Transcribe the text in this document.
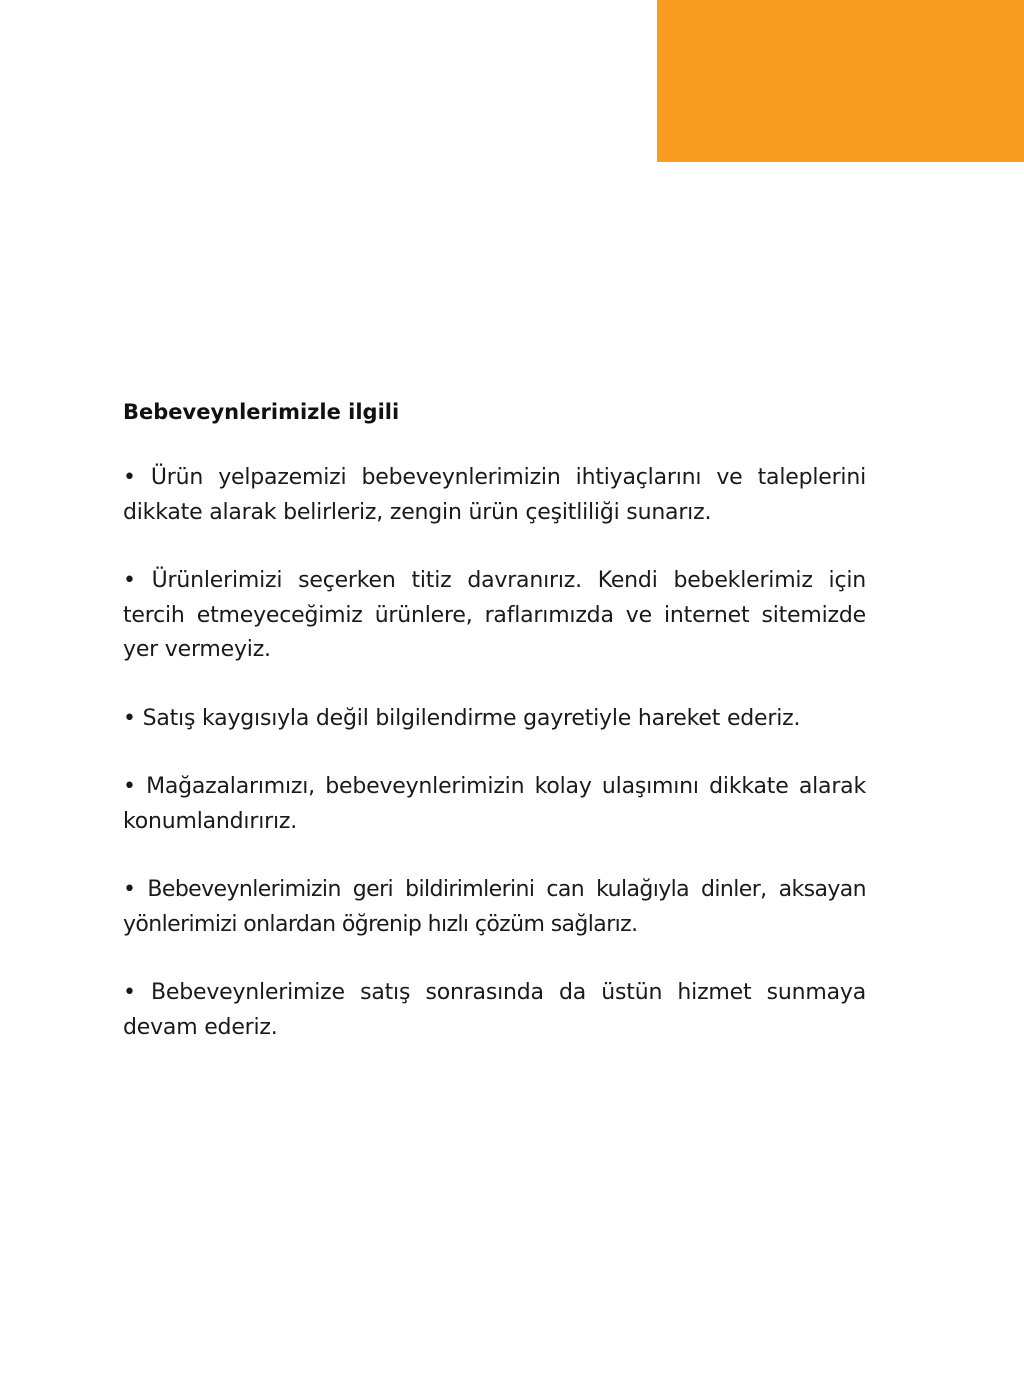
Bebeveynlerimizle ilgili

• Ürün yelpazemizi bebeveynlerimizin ihtiyaçlarını ve taleplerini dikkate alarak belirleriz, zengin ürün çeşitliliği sunarız.

• Ürünlerimizi seçerken titiz davranırız. Kendi bebeklerimiz için tercih etmeyeceğimiz ürünlere, raflarımızda ve internet sitemizde yer vermeyiz.

• Satış kaygısıyla değil bilgilendirme gayretiyle hareket ederiz.

• Mağazalarımızı, bebeveynlerimizin kolay ulaşımını dikkate alarak konumlandırırız.

• Bebeveynlerimizin geri bildirimlerini can kulağıyla dinler, aksayan yönlerimizi onlardan öğrenip hızlı çözüm sağlarız.

• Bebeveynlerimize satış sonrasında da üstün hizmet sunmaya devam ederiz.
